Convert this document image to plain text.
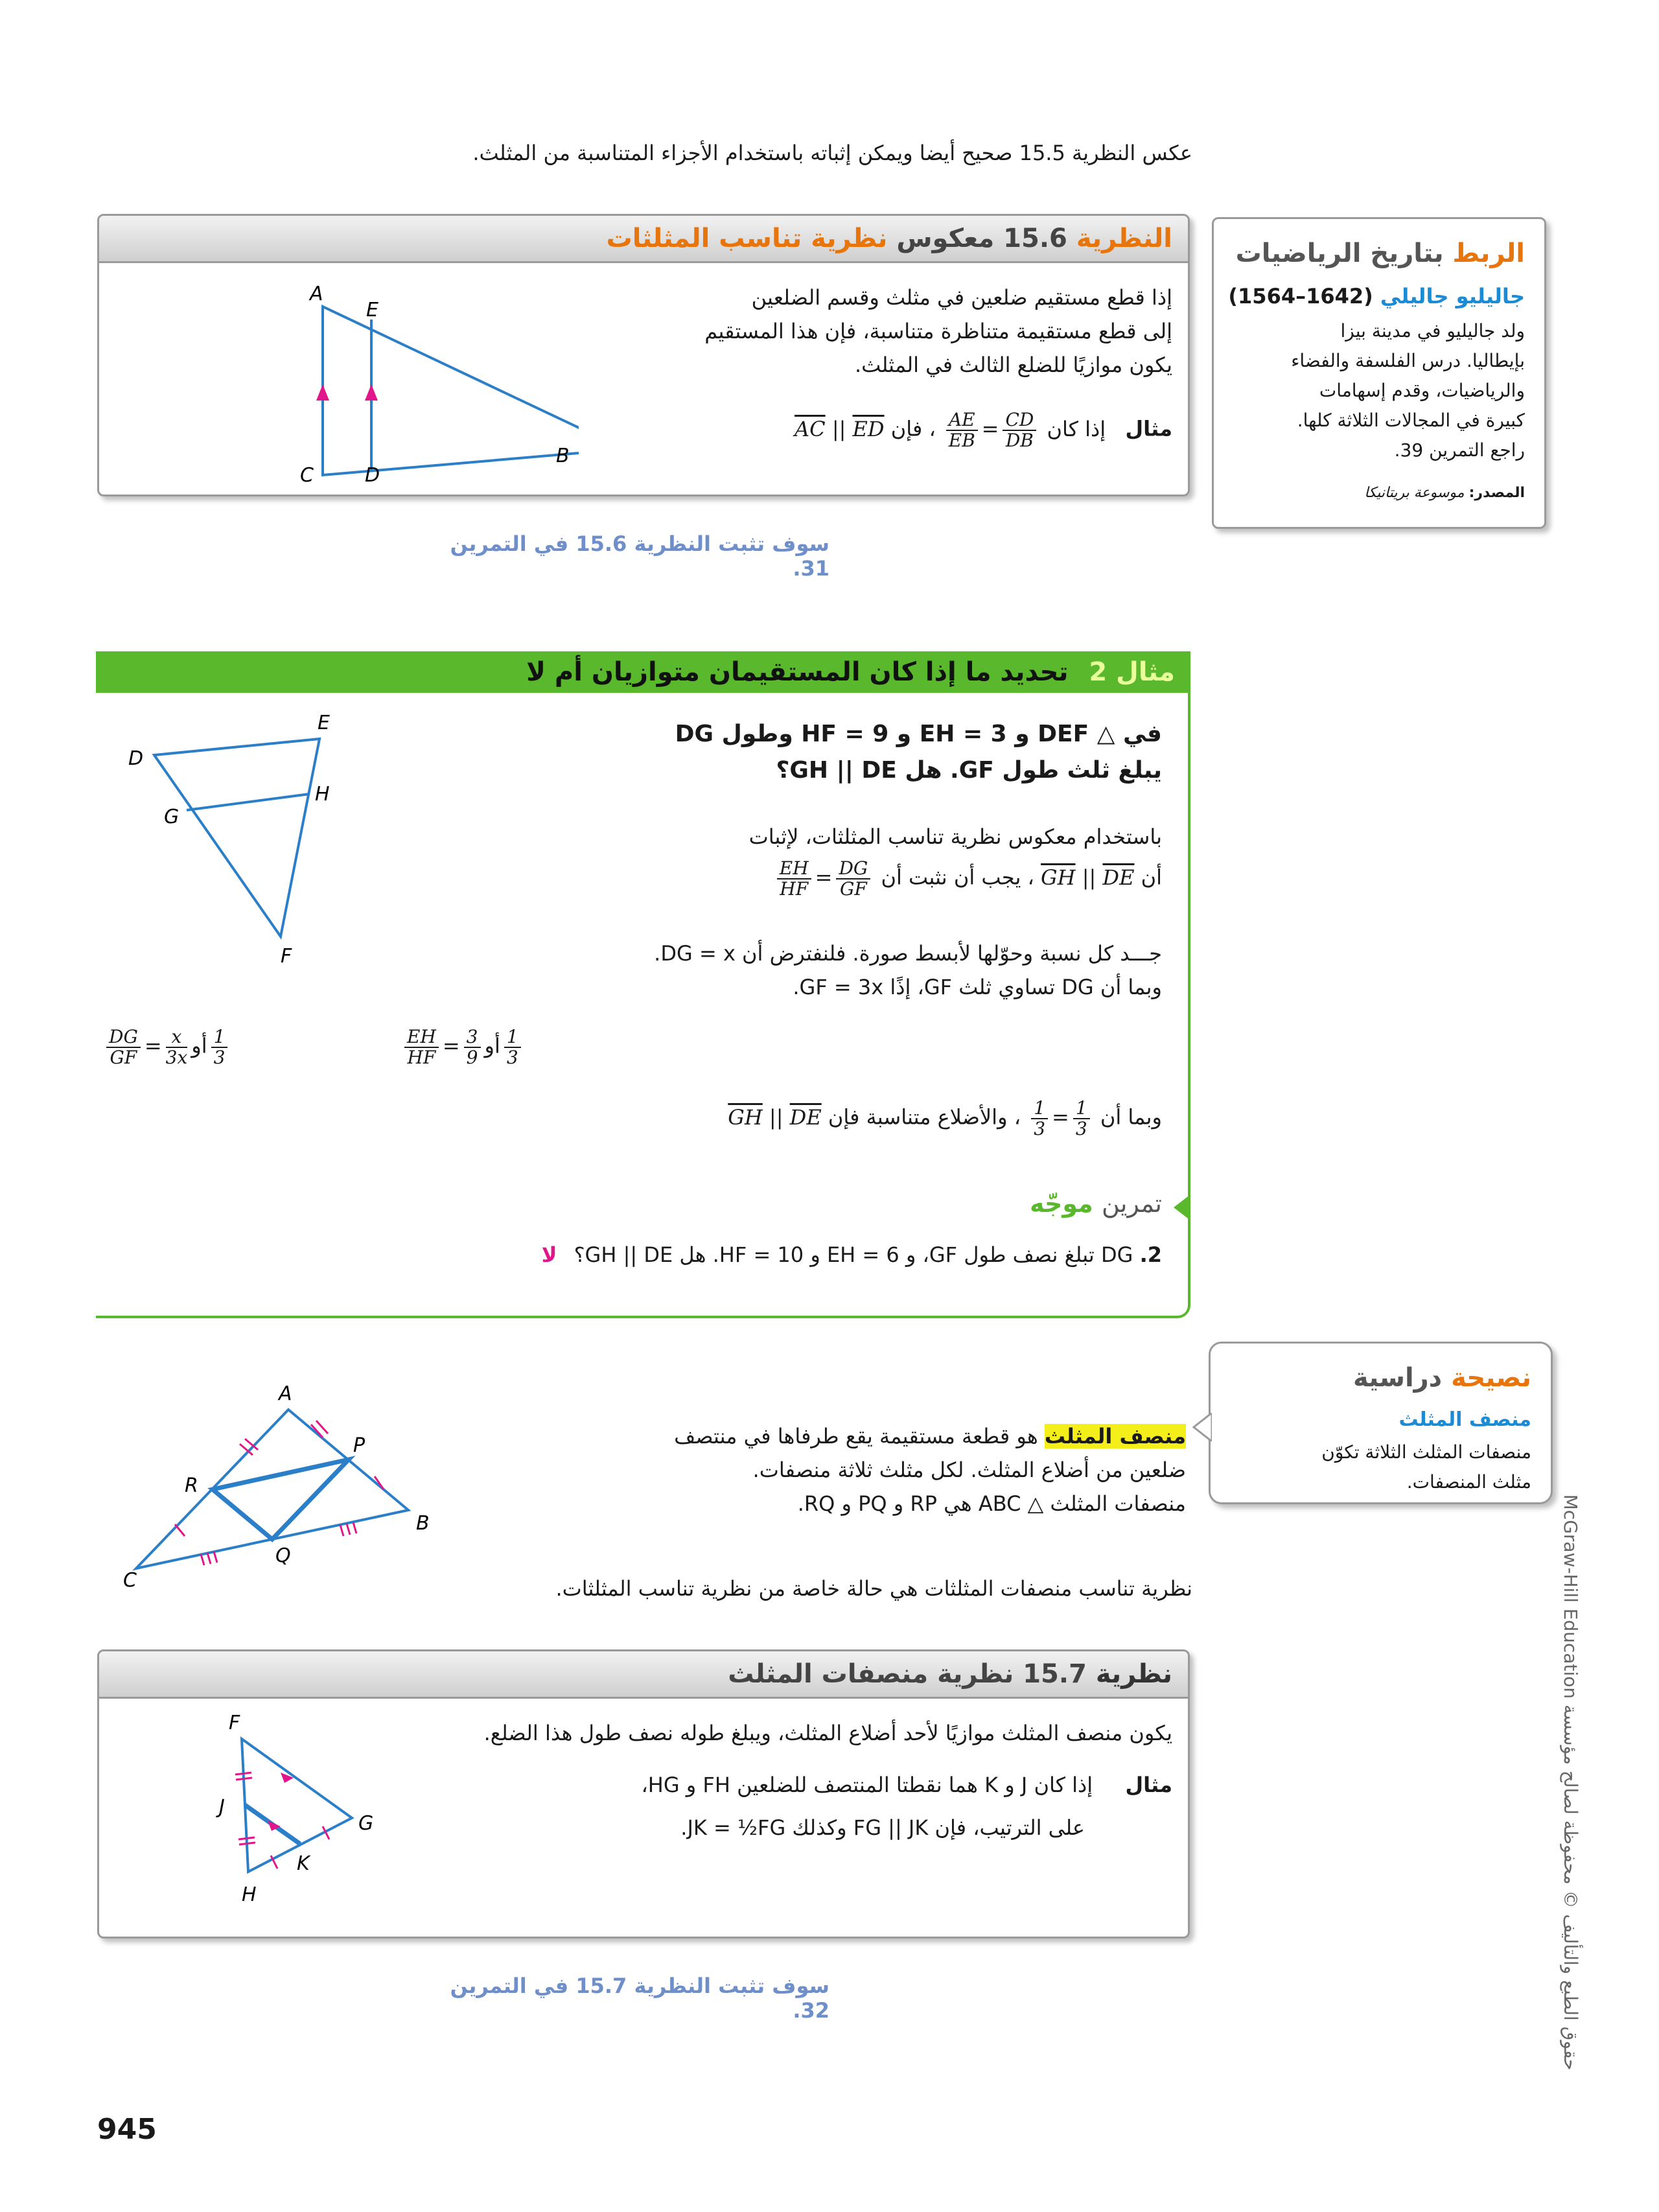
عكس النظرية 15.5 صحيح أيضا ويمكن إثباته باستخدام الأجزاء المتناسبة من المثلث.
النظرية 15.6 معكوس نظرية تناسب المثلثات
إذا قطع مستقيم ضلعين في مثلث وقسم الضلعين
إلى قطع مستقيمة متناظرة متناسبة، فإن هذا المستقيم
يكون موازيًا للضلع الثالث في المثلث.
مثال إذا كان
$\frac{AE}{EB} = \frac{CD}{DB}$
، فإن $\overline{AC}$ || $\overline{ED}$
A
E
B
C	D
سوف تثبت النظرية 15.6 في التمرين 31.
الربط بتاريخ الرياضيات
جاليليو جاليلي (1642–1564)
ولد جاليليو في مدينة بيزا
بإيطاليا. درس الفلسفة والفضاء
والرياضيات، وقدم إسهامات
كبيرة في المجالات الثلاثة كلها.
راجع التمرين 39.
المصدر: موسوعة بريتانيكا
مثال 2 تحديد ما إذا كان المستقيمان متوازيان أم لا
في △ DEF و EH = 3 و HF = 9 وطول DG
يبلغ ثلث طول GF. هل GH || DE؟
باستخدام معكوس نظرية تناسب المثلثات، لإثبات
أن $\overline{GH}$ || $\overline{DE}$ ، يجب أن نثبت أن
$\frac{EH}{HF} = \frac{DG}{GF}$
جـــد كل نسبة وحوّلها لأبسط صورة. فلنفترض أن DG = x.
وبما أن DG تساوي ثلث GF، إذًا GF = 3x.
$\frac{EH}{HF} = \frac{3}{9}$ أو $\frac{1}{3}$
$\frac{DG}{GF} = \frac{x}{3x}$ أو $\frac{1}{3}$
وبما أن
$\frac{1}{3} = \frac{1}{3}$
، والأضلاع متناسبة فإن $\overline{GH}$ || $\overline{DE}$
تمرين موجّه
2. DG تبلغ نصف طول GF، و EH = 6 و HF = 10. هل GH || DE؟ لا
D
E
G
H
F
نصيحة دراسية
منصف المثلث
منصفات المثلث الثلاثة تكوّن
مثلث المنصفات.
منصف المثلث هو قطعة مستقيمة يقع طرفاها في منتصف
ضلعين من أضلاع المثلث. لكل مثلث ثلاثة منصفات.
منصفات المثلث △ ABC هي RP و PQ و RQ.
A
P
R
B
C
Q
نظرية تناسب منصفات المثلثات هي حالة خاصة من نظرية تناسب المثلثات.
نظرية 15.7 نظرية منصفات المثلث
يكون منصف المثلث موازيًا لأحد أضلاع المثلث، ويبلغ طوله نصف طول هذا الضلع.
مثال إذا كان J و K هما نقطتا المنتصف للضلعين FH و HG،
على الترتيب، فإن FG || JK وكذلك JK = ½FG.
F
J
G
K
H
سوف تثبت النظرية 15.7 في التمرين 32.
حقوق الطبع والتأليف © محفوظة لصالح مؤسسة McGraw-Hill Education
945
